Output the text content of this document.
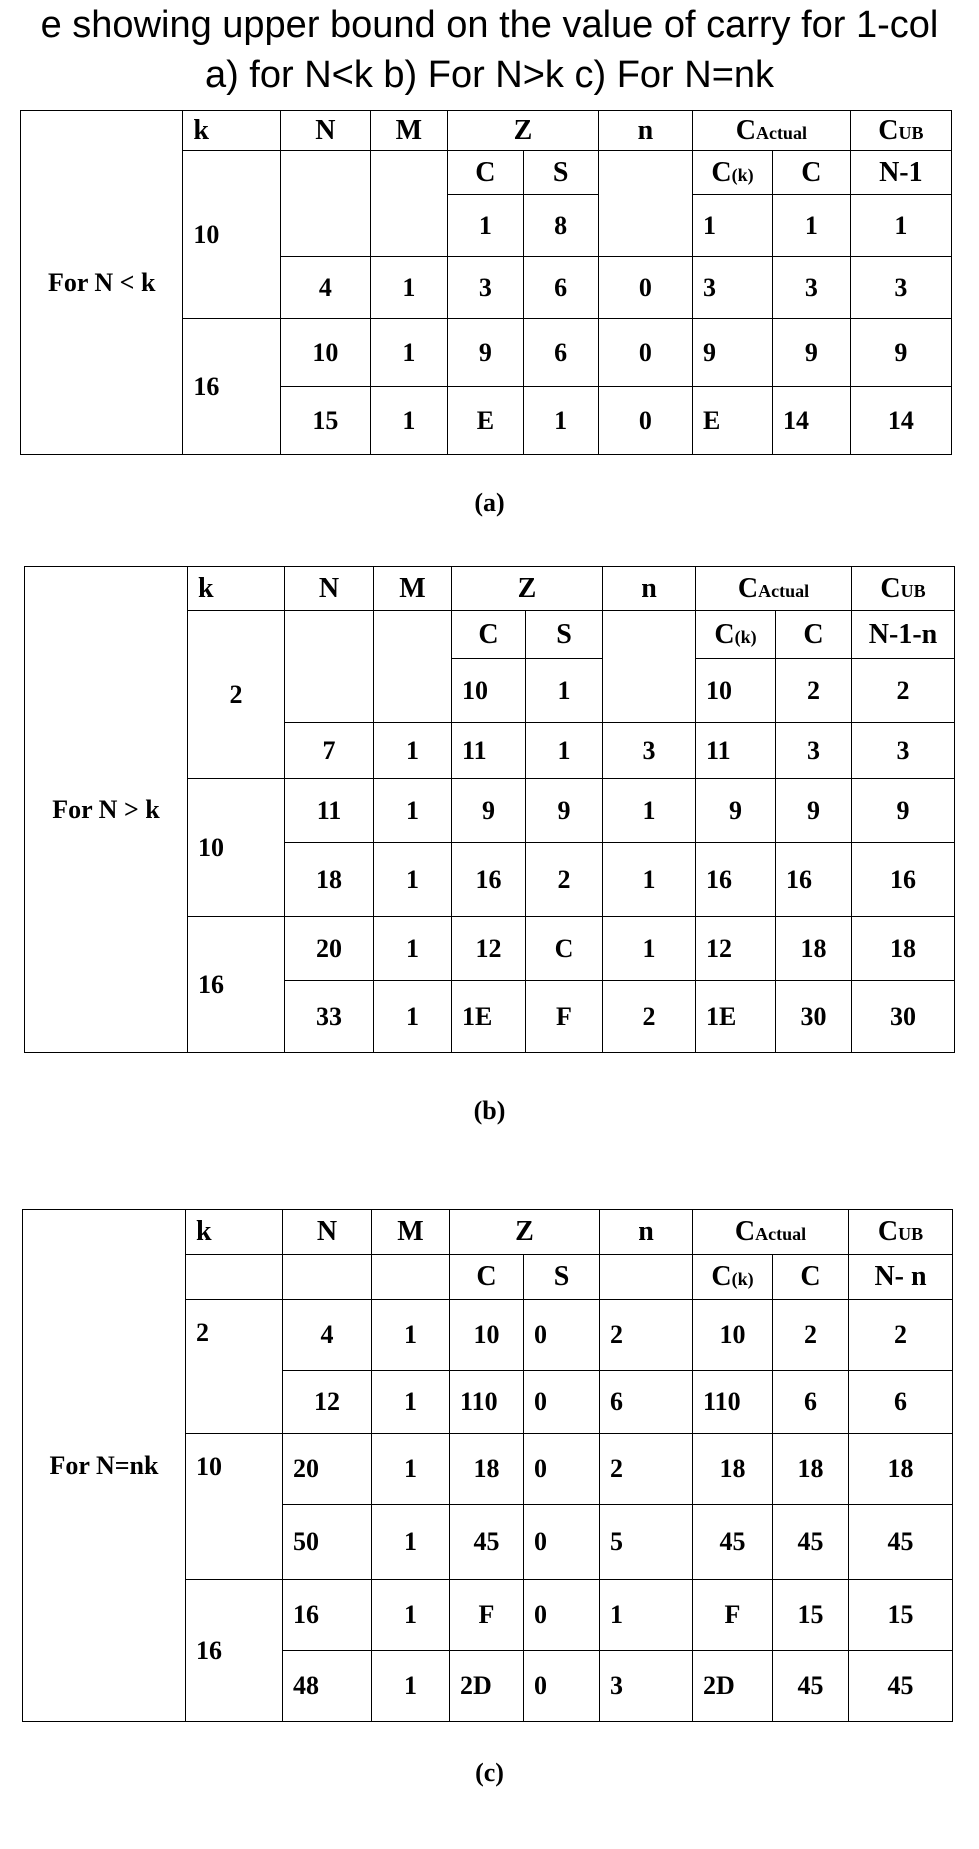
e showing upper bound on the value of carry for 1-col
a) for N<k b) For N>k c) For N=nk
For N < k	k	N	M	Z		n	CActual		CUB
	10			C	S		C(k)	C	N-1
				1	8		1	1	1
		4	1	3	6	0	3	3	3
	16	10	1	9	6	0	9	9	9
		15	1	E	1	0	E	14	14
(a)
For N > k	k	N	M	Z		n	CActual		CUB
	2			C	S		C(k)	C	N-1-n
				10	1		10	2	2
		7	1	11	1	3	11	3	3
	10	11	1	9	9	1	9	9	9
		18	1	16	2	1	16	16	16
	16	20	1	12	C	1	12	18	18
		33	1	1E	F	2	1E	30	30
(b)
For N=nk	k	N	M	Z		n	CActual		CUB
				C	S		C(k)	C	N- n
	2	4	1	10	0	2	10	2	2
		12	1	110	0	6	110	6	6
	10	20	1	18	0	2	18	18	18
		50	1	45	0	5	45	45	45
	16	16	1	F	0	1	F	15	15
		48	1	2D	0	3	2D	45	45
(c)
